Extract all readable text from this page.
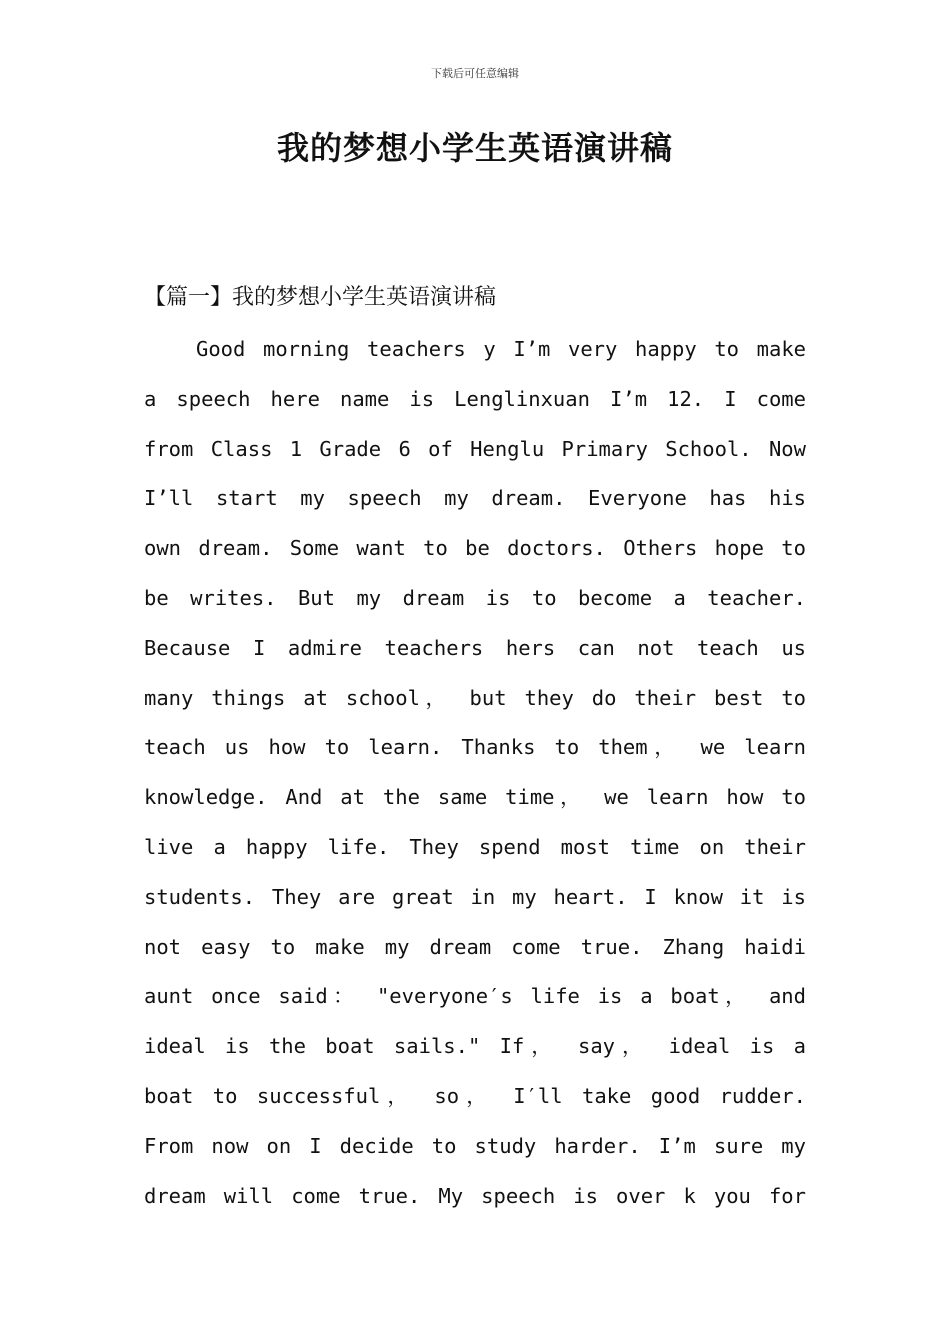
下载后可任意编辑
我的梦想小学生英语演讲稿
【篇一】我的梦想小学生英语演讲稿
Good morning teachers y I’m very happy to make
a speech here name is Lenglinxuan I’m 12. I come
from Class 1 Grade 6 of Henglu Primary School. Now
I’ll start my speech my dream. Everyone has his
own dream. Some want to be doctors. Others hope to
be writes. But my dream is to become a teacher.
Because I admire teachers hers can not teach us
many things at school， but they do their best to
teach us how to learn. Thanks to them， we learn
knowledge. And at the same time， we learn how to
live a happy life. They spend most time on their
students. They are great in my heart. I know it is
not easy to make my dream come true. Zhang haidi
aunt once said： "everyone′s life is a boat， and
ideal is the boat sails." If， say， ideal is a
boat to successful， so， I′ll take good rudder.
From now on I decide to study harder. I’m sure my
dream will come true. My speech is over k you for
